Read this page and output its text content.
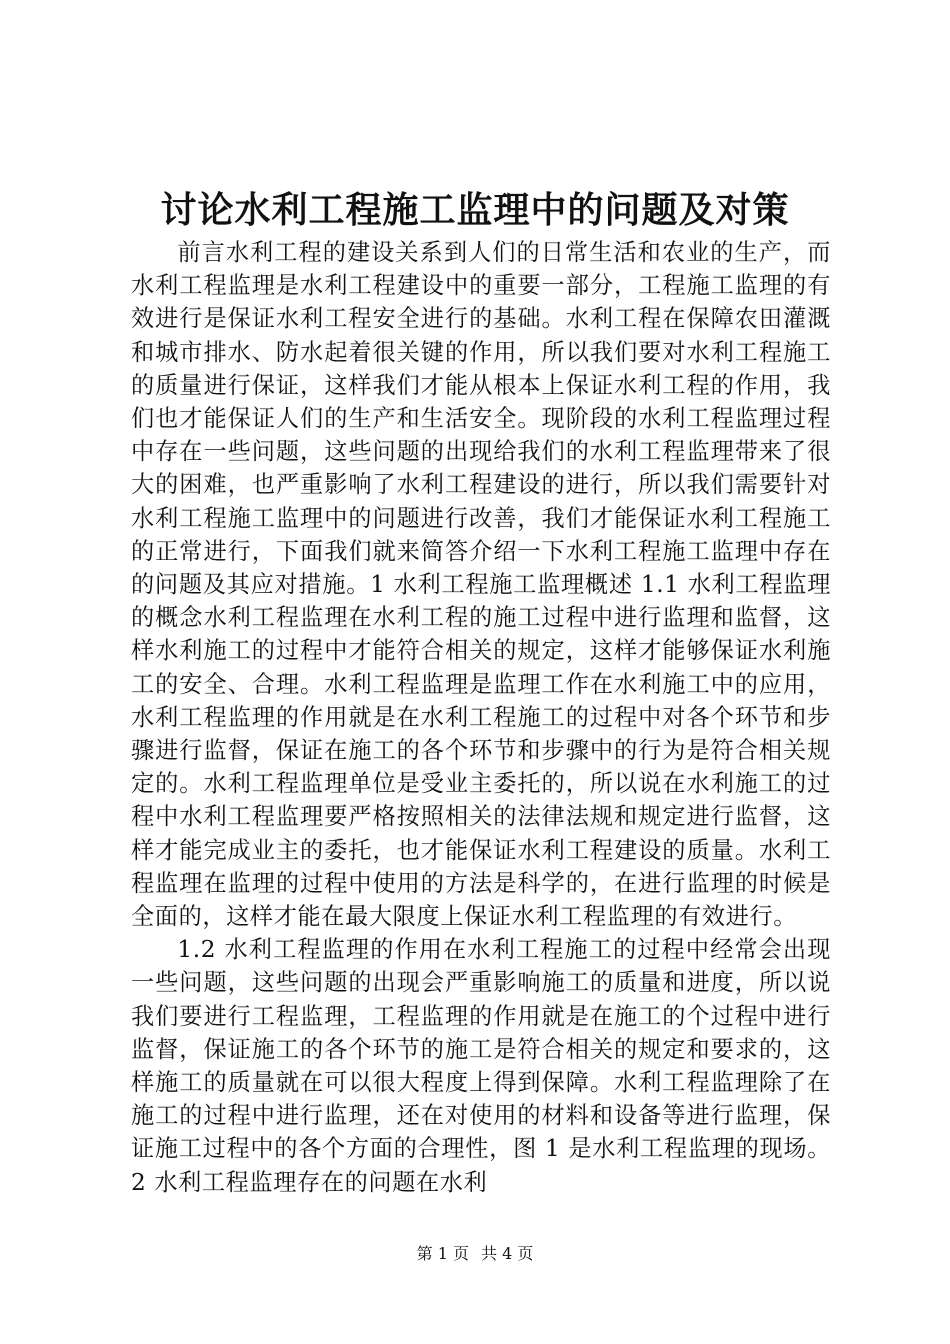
讨论水利工程施工监理中的问题及对策

前言水利工程的建设关系到人们的日常生活和农业的生产，而水利工程监理是水利工程建设中的重要一部分，工程施工监理的有效进行是保证水利工程安全进行的基础。水利工程在保障农田灌溉和城市排水、防水起着很关键的作用，所以我们要对水利工程施工的质量进行保证，这样我们才能从根本上保证水利工程的作用，我们也才能保证人们的生产和生活安全。现阶段的水利工程监理过程中存在一些问题，这些问题的出现给我们的水利工程监理带来了很大的困难，也严重影响了水利工程建设的进行，所以我们需要针对水利工程施工监理中的问题进行改善，我们才能保证水利工程施工的正常进行，下面我们就来简答介绍一下水利工程施工监理中存在的问题及其应对措施。1 水利工程施工监理概述 1.1 水利工程监理的概念水利工程监理在水利工程的施工过程中进行监理和监督，这样水利施工的过程中才能符合相关的规定，这样才能够保证水利施工的安全、合理。水利工程监理是监理工作在水利施工中的应用，水利工程监理的作用就是在水利工程施工的过程中对各个环节和步骤进行监督，保证在施工的各个环节和步骤中的行为是符合相关规定的。水利工程监理单位是受业主委托的，所以说在水利施工的过程中水利工程监理要严格按照相关的法律法规和规定进行监督，这样才能完成业主的委托，也才能保证水利工程建设的质量。水利工程监理在监理的过程中使用的方法是科学的，在进行监理的时候是全面的，这样才能在最大限度上保证水利工程监理的有效进行。

1.2 水利工程监理的作用在水利工程施工的过程中经常会出现一些问题，这些问题的出现会严重影响施工的质量和进度，所以说我们要进行工程监理，工程监理的作用就是在施工的个过程中进行监督，保证施工的各个环节的施工是符合相关的规定和要求的，这样施工的质量就在可以很大程度上得到保障。水利工程监理除了在施工的过程中进行监理，还在对使用的材料和设备等进行监理，保证施工过程中的各个方面的合理性，图 1 是水利工程监理的现场。2 水利工程监理存在的问题在水利

第 1 页 共 4 页
